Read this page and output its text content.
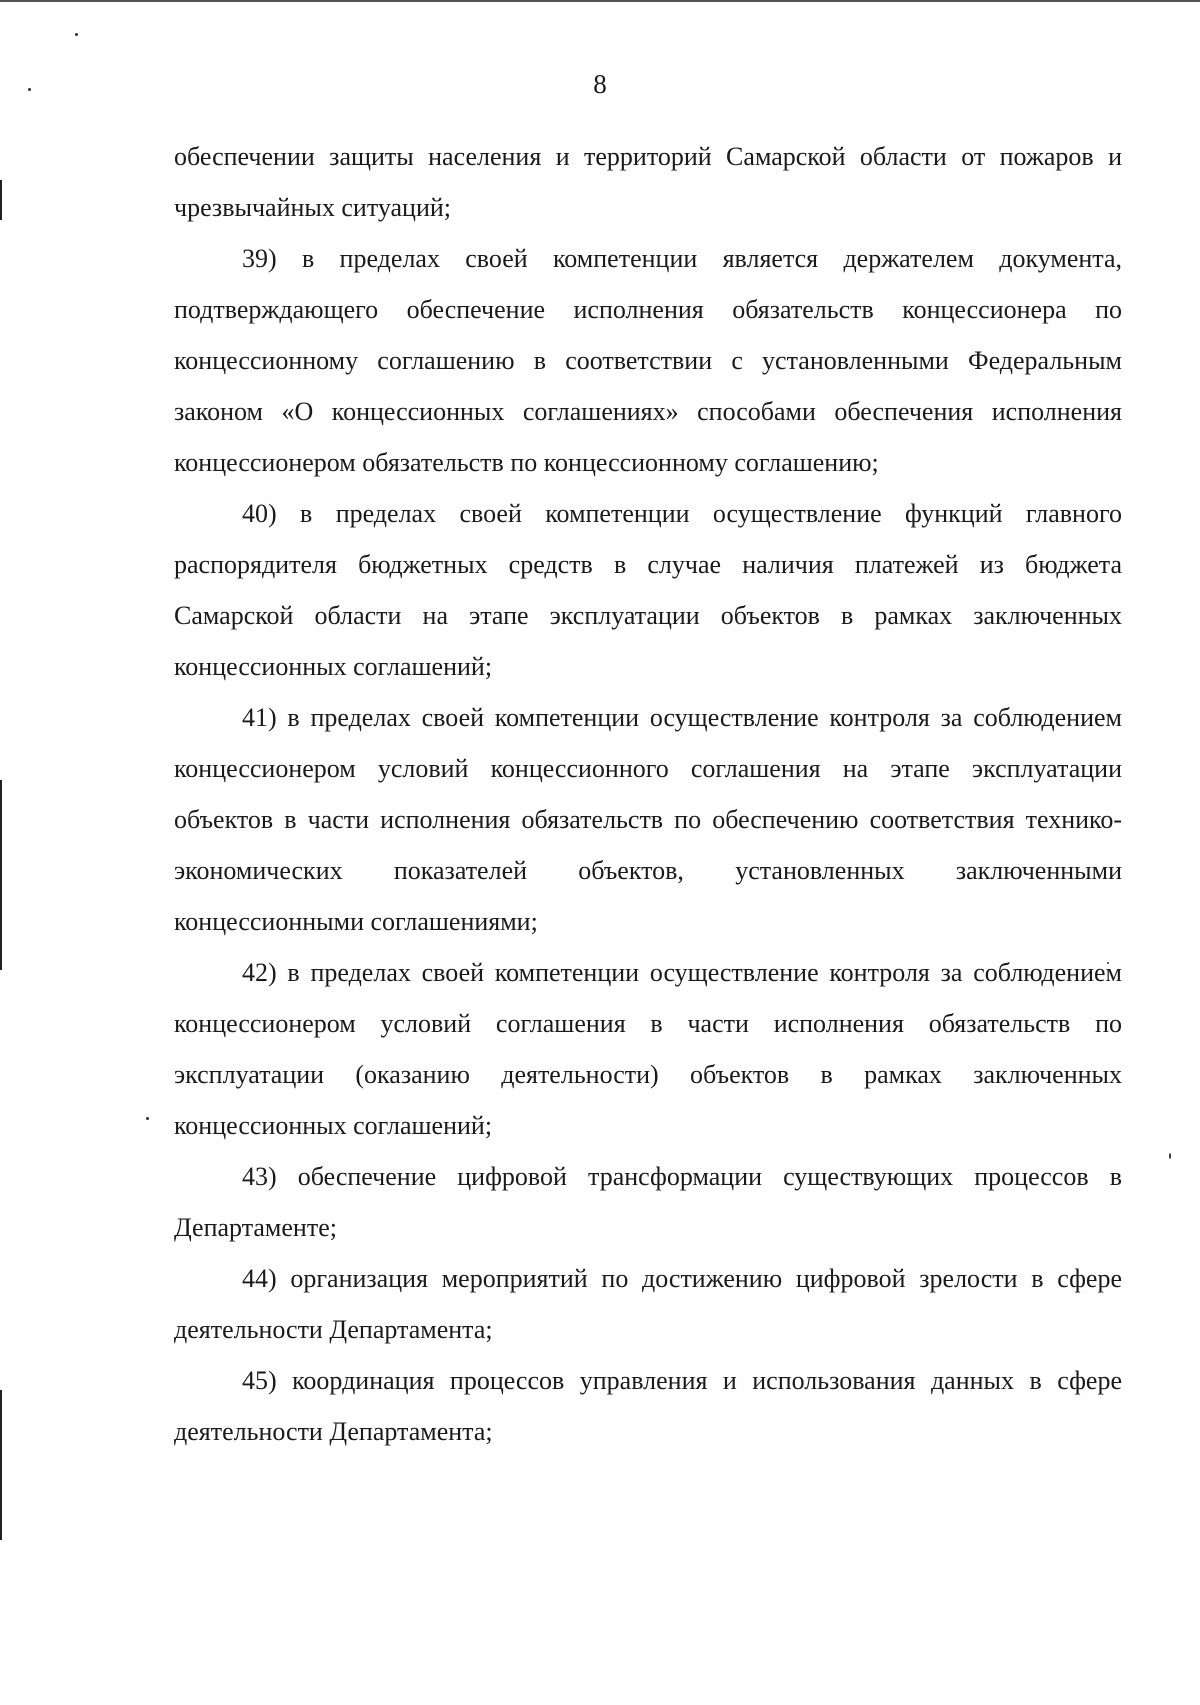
8

обеспечении защиты населения и территорий Самарской области от пожаров и чрезвычайных ситуаций;

39) в пределах своей компетенции является держателем документа, подтверждающего обеспечение исполнения обязательств концессионера по концессионному соглашению в соответствии с установленными Федеральным законом «О концессионных соглашениях» способами обеспечения исполнения концессионером обязательств по концессионному соглашению;

40) в пределах своей компетенции осуществление функций главного распорядителя бюджетных средств в случае наличия платежей из бюджета Самарской области на этапе эксплуатации объектов в рамках заключенных концессионных соглашений;

41) в пределах своей компетенции осуществление контроля за соблюдением концессионером условий концессионного соглашения на этапе эксплуатации объектов в части исполнения обязательств по обеспечению соответствия технико-экономических показателей объектов, установленных заключенными концессионными соглашениями;

42) в пределах своей компетенции осуществление контроля за соблюдением концессионером условий соглашения в части исполнения обязательств по эксплуатации (оказанию деятельности) объектов в рамках заключенных концессионных соглашений;

43) обеспечение цифровой трансформации существующих процессов в Департаменте;

44) организация мероприятий по достижению цифровой зрелости в сфере деятельности Департамента;

45) координация процессов управления и использования данных в сфере деятельности Департамента;
